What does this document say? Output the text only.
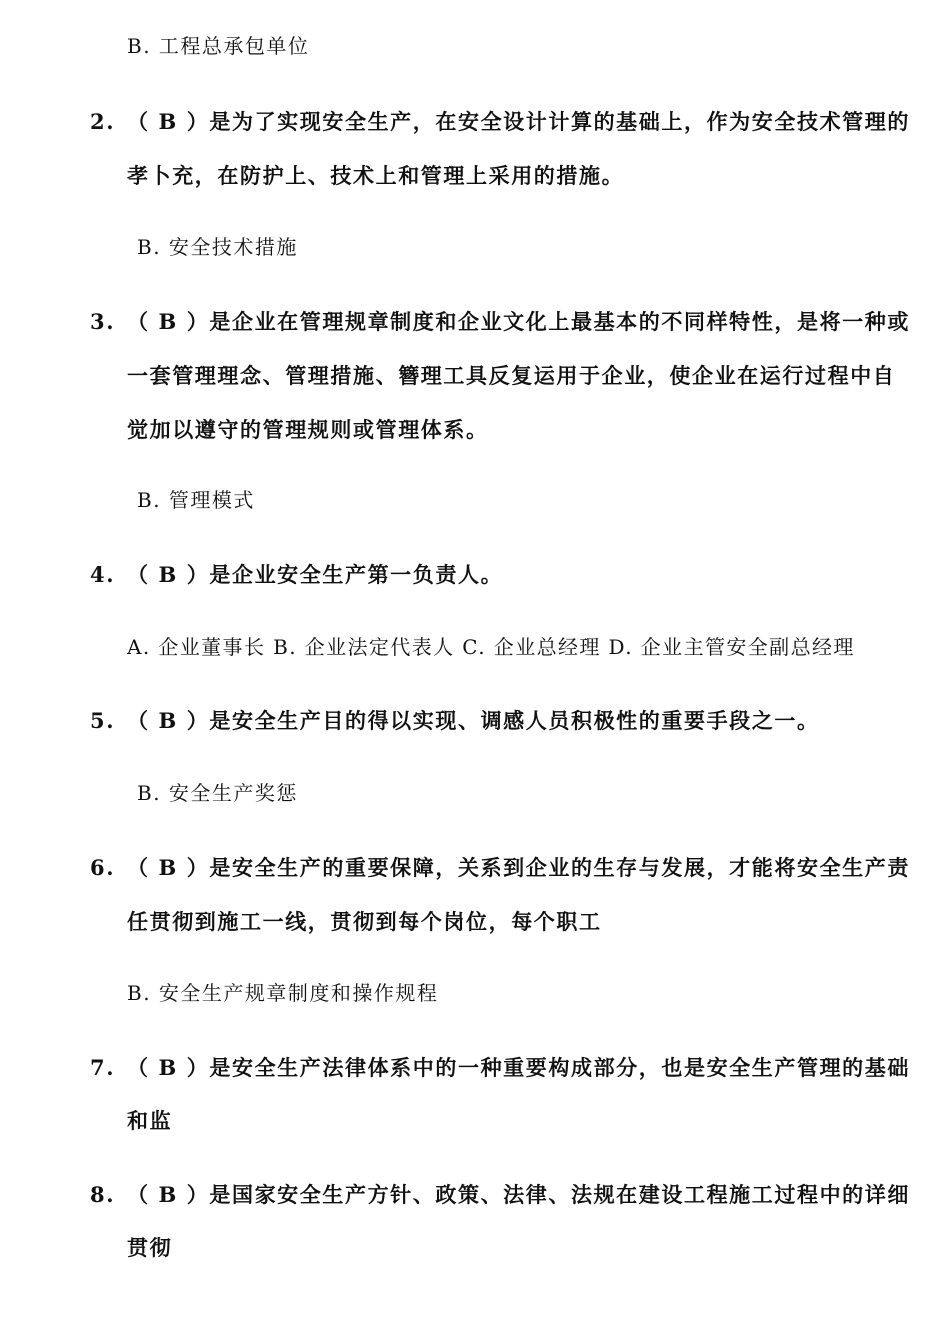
B. 工程总承包单位
2. （ B ）是为了实现安全生产，在安全设计计算的基础上，作为安全技术管理的
孝卜充，在防护上、技术上和管理上采用的措施。
B. 安全技术措施
3. （ B ）是企业在管理规章制度和企业文化上最基本的不同样特性，是将一种或
一套管理理念、管理措施、簪理工具反复运用于企业，使企业在运行过程中自
觉加以遵守的管理规则或管理体系。
B. 管理模式
4. （ B ）是企业安全生产第一负责人。
A. 企业董事长 B. 企业法定代表人 C. 企业总经理 D. 企业主管安全副总经理
5. （ B ）是安全生产目的得以实现、调感人员积极性的重要手段之一。
B. 安全生产奖惩
6. （ B ）是安全生产的重要保障，关系到企业的生存与发展，才能将安全生产责
任贯彻到施工一线，贯彻到每个岗位，每个职工
B. 安全生产规章制度和操作规程
7. （ B ）是安全生产法律体系中的一种重要构成部分，也是安全生产管理的基础
和监
8. （ B ）是国家安全生产方针、政策、法律、法规在建设工程施工过程中的详细
贯彻
